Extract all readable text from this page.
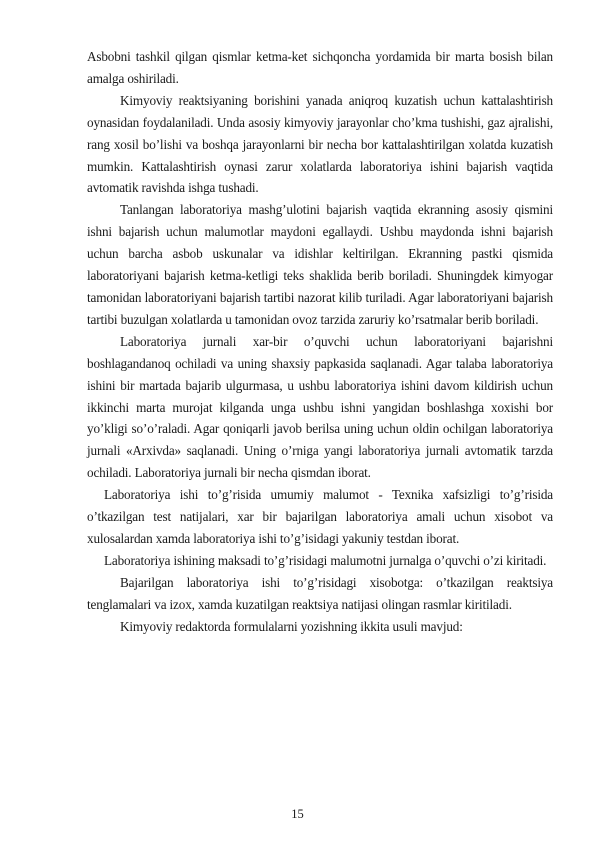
Asbobni tashkil qilgan qismlar ketma-ket sichqoncha yordamida bir marta bosish bilan amalga oshiriladi.

Kimyoviy reaktsiyaning borishini yanada aniqroq kuzatish uchun kattalashtirish oynasidan foydalaniladi. Unda asosiy kimyoviy jarayonlar cho’kma tushishi, gaz ajralishi, rang xosil bo’lishi va boshqa jarayonlarni bir necha bor kattalashtirilgan xolatda kuzatish mumkin. Kattalashtirish oynasi zarur xolatlarda laboratoriya ishini bajarish vaqtida avtomatik ravishda ishga tushadi.

Tanlangan laboratoriya mashg’ulotini bajarish vaqtida ekranning asosiy qismini ishni bajarish uchun malumotlar maydoni egallaydi. Ushbu maydonda ishni bajarish uchun barcha asbob uskunalar va idishlar keltirilgan. Ekranning pastki qismida laboratoriyani bajarish ketma-ketligi teks shaklida berib boriladi. Shuningdek kimyogar tamonidan laboratoriyani bajarish tartibi nazorat kilib turiladi. Agar laboratoriyani bajarish tartibi buzulgan xolatlarda u tamonidan ovoz tarzida zaruriy ko’rsatmalar berib boriladi.

Laboratoriya jurnali xar-bir o’quvchi uchun laboratoriyani bajarishni boshlagandanoq ochiladi va uning shaxsiy papkasida saqlanadi. Agar talaba laboratoriya ishini bir martada bajarib ulgurmasa, u ushbu laboratoriya ishini davom kildirish uchun ikkinchi marta murojat kilganda unga ushbu ishni yangidan boshlashga xoxishi bor yo’kligi so’o’raladi. Agar qoniqarli javob berilsa uning uchun oldin ochilgan laboratoriya jurnali «Arxivda» saqlanadi. Uning o’rniga yangi laboratoriya jurnali avtomatik tarzda ochiladi. Laboratoriya jurnali bir necha qismdan iborat.

Laboratoriya ishi to’g’risida umumiy malumot - Texnika xafsizligi to’g’risida o’tkazilgan test natijalari, xar bir bajarilgan laboratoriya amali uchun xisobot va xulosalardan xamda laboratoriya ishi to’g’isidagi yakuniy testdan iborat.

Laboratoriya ishining maksadi to’g’risidagi malumotni jurnalga o’quvchi o’zi kiritadi.

Bajarilgan laboratoriya ishi to’g’risidagi xisobotga: o’tkazilgan reaktsiya tenglamalari va izox, xamda kuzatilgan reaktsiya natijasi olingan rasmlar kiritiladi.

Kimyoviy redaktorda formulalarni yozishning ikkita usuli mavjud:

15
